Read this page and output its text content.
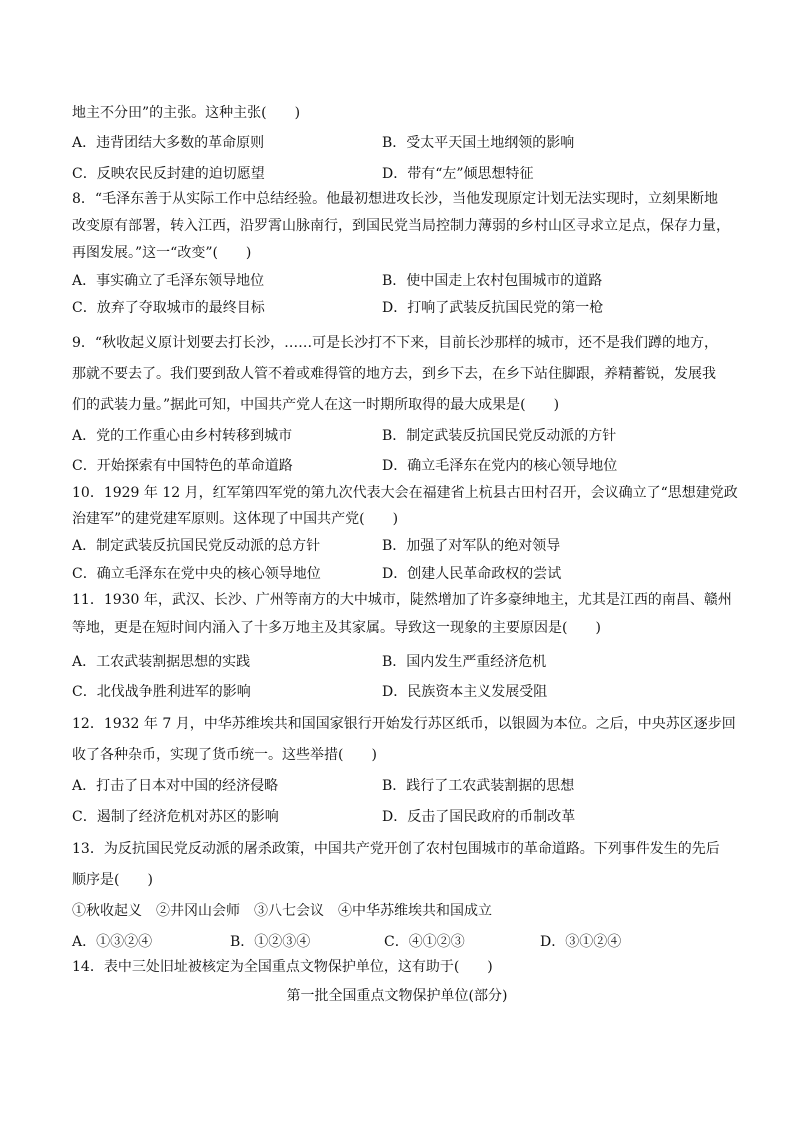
地主不分田”的主张。这种主张(　　)
A．违背团结大多数的革命原则	B．受太平天国土地纲领的影响
C．反映农民反封建的迫切愿望	D．带有“左”倾思想特征
8．“毛泽东善于从实际工作中总结经验。他最初想进攻长沙，当他发现原定计划无法实现时，立刻果断地
改变原有部署，转入江西，沿罗霄山脉南行，到国民党当局控制力薄弱的乡村山区寻求立足点，保存力量，
再图发展。”这一“改变”(　　)
A．事实确立了毛泽东领导地位	B．使中国走上农村包围城市的道路
C．放弃了夺取城市的最终目标	D．打响了武装反抗国民党的第一枪
9．“秋收起义原计划要去打长沙，……可是长沙打不下来，目前长沙那样的城市，还不是我们蹲的地方，
那就不要去了。我们要到敌人管不着或难得管的地方去，到乡下去，在乡下站住脚跟，养精蓄锐，发展我
们的武装力量。”据此可知，中国共产党人在这一时期所取得的最大成果是(　　)
A．党的工作重心由乡村转移到城市	B．制定武装反抗国民党反动派的方针
C．开始探索有中国特色的革命道路	D．确立毛泽东在党内的核心领导地位
10．1929 年 12 月，红军第四军党的第九次代表大会在福建省上杭县古田村召开，会议确立了“思想建党政
治建军”的建党建军原则。这体现了中国共产党(　　)
A．制定武装反抗国民党反动派的总方针	B．加强了对军队的绝对领导
C．确立毛泽东在党中央的核心领导地位	D．创建人民革命政权的尝试
11．1930 年，武汉、长沙、广州等南方的大中城市，陡然增加了许多豪绅地主，尤其是江西的南昌、赣州
等地，更是在短时间内涌入了十多万地主及其家属。导致这一现象的主要原因是(　　)
A．工农武装割据思想的实践	B．国内发生严重经济危机
C．北伐战争胜利进军的影响	D．民族资本主义发展受阻
12．1932 年 7 月，中华苏维埃共和国国家银行开始发行苏区纸币，以银圆为本位。之后，中央苏区逐步回
收了各种杂币，实现了货币统一。这些举措(　　)
A．打击了日本对中国的经济侵略	B．践行了工农武装割据的思想
C．遏制了经济危机对苏区的影响	D．反击了国民政府的币制改革
13．为反抗国民党反动派的屠杀政策，中国共产党开创了农村包围城市的革命道路。下列事件发生的先后
顺序是(　　)
①秋收起义　②井冈山会师　③八七会议　④中华苏维埃共和国成立
A．①③②④	B．①②③④	C．④①②③	D．③①②④
14．表中三处旧址被核定为全国重点文物保护单位，这有助于(　　)
第一批全国重点文物保护单位(部分)
